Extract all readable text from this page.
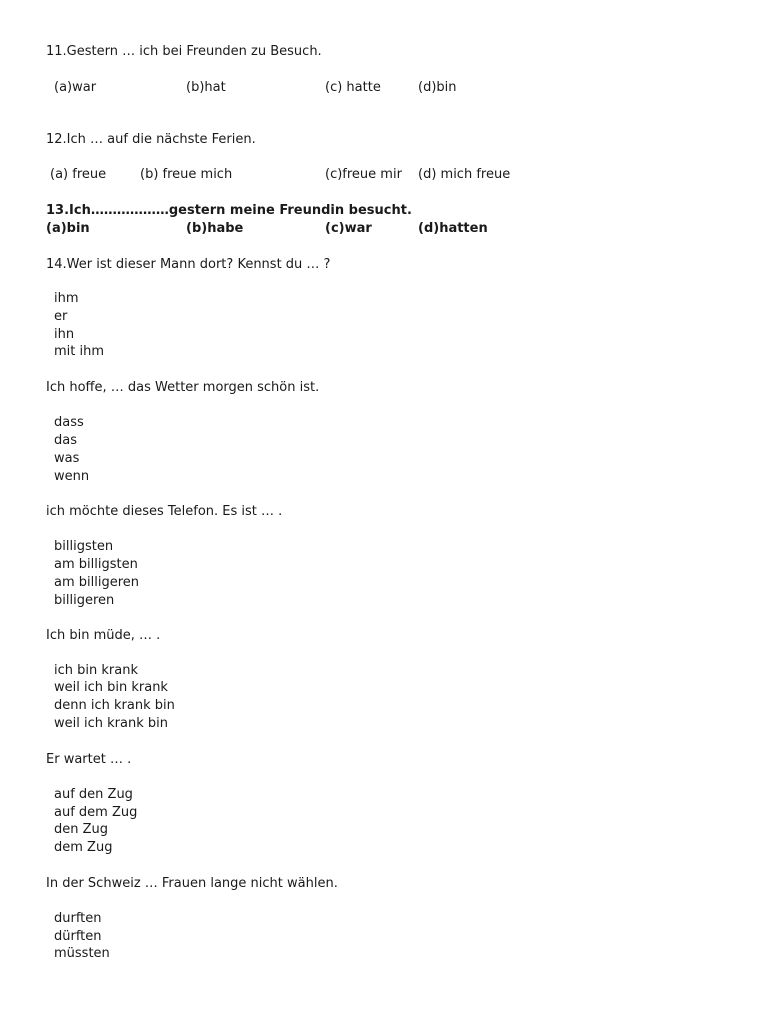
11.Gestern … ich bei Freunden zu Besuch.
(a)war	(b)hat	(c) hatte	(d)bin
12.Ich … auf die nächste Ferien.
(a) freue	(b) freue mich	(c)freue mir (d) mich freue
13.Ich………………gestern meine Freundin besucht.
(a)bin	(b)habe	(c)war	(d)hatten
14.Wer ist dieser Mann dort? Kennst du … ?
ihm
er
ihn
mit ihm
Ich hoffe, … das Wetter morgen schön ist.
dass
das
was
wenn
ich möchte dieses Telefon. Es ist … .
billigsten
am billigsten
am billigeren
billigeren
Ich bin müde, … .
ich bin krank
weil ich bin krank
denn ich krank bin
weil ich krank bin
Er wartet … .
auf den Zug
auf dem Zug
den Zug
dem Zug
In der Schweiz … Frauen lange nicht wählen.
durften
dürften
müssten
